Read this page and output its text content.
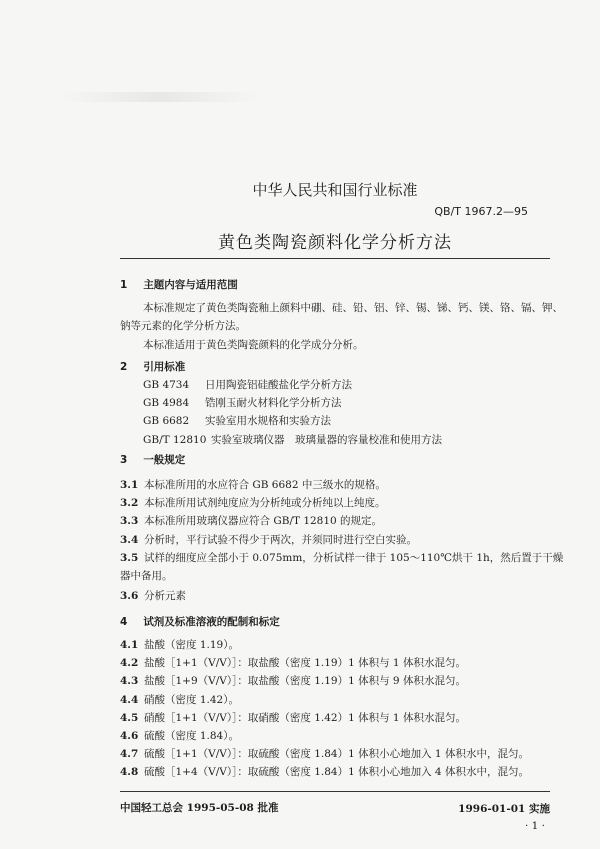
中华人民共和国行业标准
QB/T 1967.2—95
黄色类陶瓷颜料化学分析方法
1 主题内容与适用范围
本标准规定了黄色类陶瓷釉上颜料中硼、硅、铅、铝、锌、锡、锑、钙、镁、铬、镉、钾、
钠等元素的化学分析方法。
本标准适用于黄色类陶瓷颜料的化学成分分析。
2 引用标准
GB 4734 日用陶瓷铝硅酸盐化学分析方法
GB 4984 锆刚玉耐火材料化学分析方法
GB 6682 实验室用水规格和实验方法
GB/T 12810 实验室玻璃仪器　玻璃量器的容量校准和使用方法
3 一般规定
3.1 本标准所用的水应符合 GB 6682 中三级水的规格。
3.2 本标准所用试剂纯度应为分析纯或分析纯以上纯度。
3.3 本标准所用玻璃仪器应符合 GB/T 12810 的规定。
3.4 分析时，平行试验不得少于两次，并须同时进行空白实验。
3.5 试样的细度应全部小于 0.075mm，分析试样一律于 105～110℃烘干 1h，然后置于干燥
器中备用。
3.6 分析元素
4 试剂及标准溶液的配制和标定
4.1 盐酸（密度 1.19）。
4.2 盐酸［1+1（V/V）］：取盐酸（密度 1.19）1 体积与 1 体积水混匀。
4.3 盐酸［1+9（V/V）］：取盐酸（密度 1.19）1 体积与 9 体积水混匀。
4.4 硝酸（密度 1.42）。
4.5 硝酸［1+1（V/V）］：取硝酸（密度 1.42）1 体积与 1 体积水混匀。
4.6 硫酸（密度 1.84）。
4.7 硫酸［1+1（V/V）］：取硫酸（密度 1.84）1 体积小心地加入 1 体积水中，混匀。
4.8 硫酸［1+4（V/V）］：取硫酸（密度 1.84）1 体积小心地加入 4 体积水中，混匀。
中国轻工总会 1995-05-08 批准	1996-01-01 实施
· 1 ·
